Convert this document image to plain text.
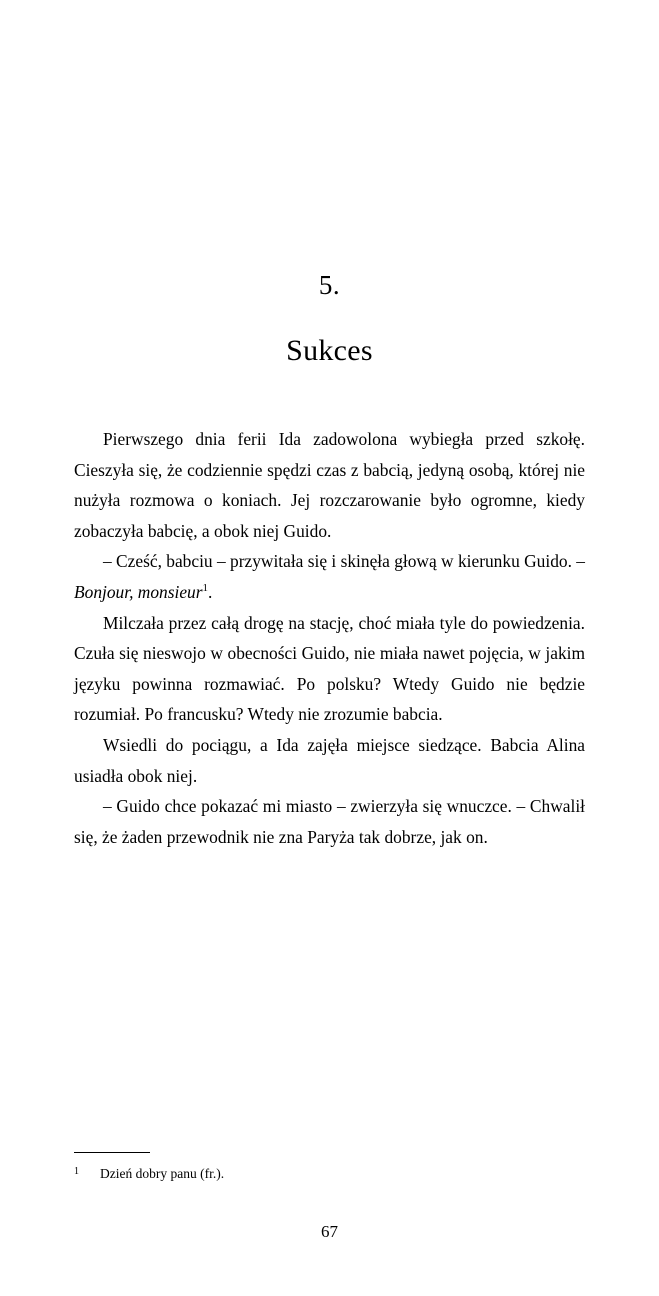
5.
Sukces

Pierwszego dnia ferii Ida zadowolona wybiegła przed szkołę. Cieszyła się, że codziennie spędzi czas z babcią, jedyną osobą, której nie nużyła rozmowa o koniach. Jej rozczarowanie było ogromne, kiedy zobaczyła babcię, a obok niej Guido.

– Cześć, babciu – przywitała się i skinęła głową w kierunku Guido. – Bonjour, monsieur$^1$.

Milczała przez całą drogę na stację, choć miała tyle do powiedzenia. Czuła się nieswojo w obecności Guido, nie miała nawet pojęcia, w jakim języku powinna rozmawiać. Po polsku? Wtedy Guido nie będzie rozumiał. Po francusku? Wtedy nie zrozumie babcia.

Wsiedli do pociągu, a Ida zajęła miejsce siedzące. Babcia Alina usiadła obok niej.

– Guido chce pokazać mi miasto – zwierzyła się wnuczce. – Chwalił się, że żaden przewodnik nie zna Paryża tak dobrze, jak on.

1	Dzień dobry panu (fr.).
67
